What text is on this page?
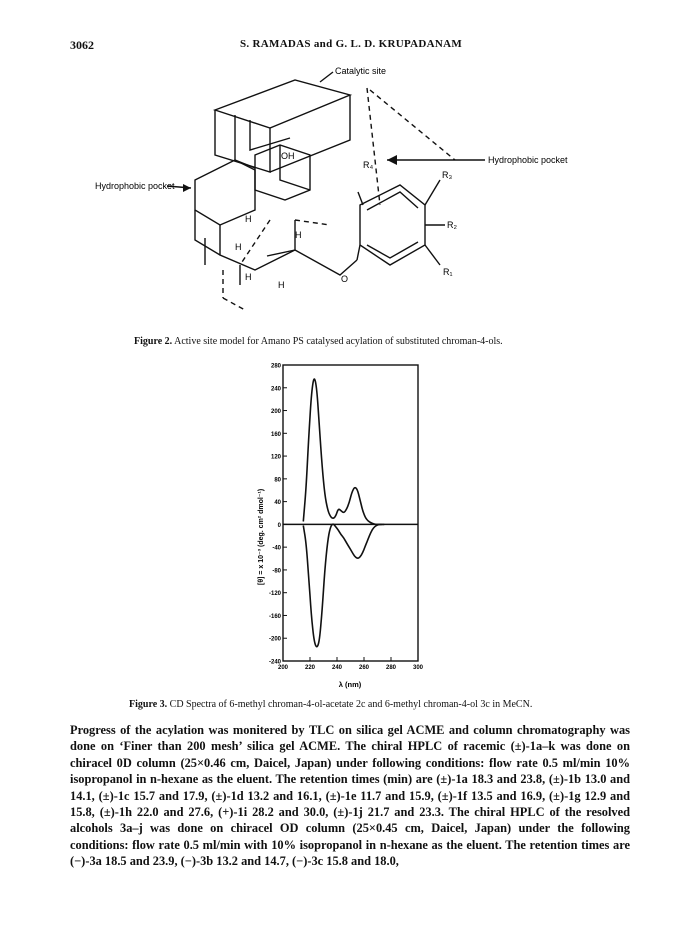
3062	S. RAMADAS and G. L. D. KRUPADANAM
Catalytic site
Hydrophobic pocket
Hydrophobic pocket
OH
R₄
R₃
R₂
R₁
O
H
H
H
H
H
Figure 2. Active site model for Amano PS catalysed acylation of substituted chroman-4-ols.
280
240
200
160
120
80
40
0
-40
-80
-120
-160
-200
-240
200	220	240	260	280	300
[θ] = x 10⁻³ (deg. cm² dmol⁻¹)
λ (nm)
Figure 3. CD Spectra of 6-methyl chroman-4-ol-acetate 2c and 6-methyl chroman-4-ol 3c in MeCN.

Progress of the acylation was monitered by TLC on silica gel ACME and column chromatography was done on ‘Finer than 200 mesh’ silica gel ACME. The chiral HPLC of racemic (±)-1a–k was done on chiracel 0D column (25×0.46 cm, Daicel, Japan) under following conditions: flow rate 0.5 ml/min 10% isopropanol in n-hexane as the eluent. The retention times (min) are (±)-1a 18.3 and 23.8, (±)-1b 13.0 and 14.1, (±)-1c 15.7 and 17.9, (±)-1d 13.2 and 16.1, (±)-1e 11.7 and 15.9, (±)-1f 13.5 and 16.9, (±)-1g 12.9 and 15.8, (±)-1h 22.0 and 27.6, (+)-1i 28.2 and 30.0, (±)-1j 21.7 and 23.3. The chiral HPLC of the resolved alcohols 3a–j was done on chiracel OD column (25×0.45 cm, Daicel, Japan) under the following conditions: flow rate 0.5 ml/min with 10% isopropanol in n-hexane as the eluent. The retention times are (−)-3a 18.5 and 23.9, (−)-3b 13.2 and 14.7, (−)-3c 15.8 and 18.0,
